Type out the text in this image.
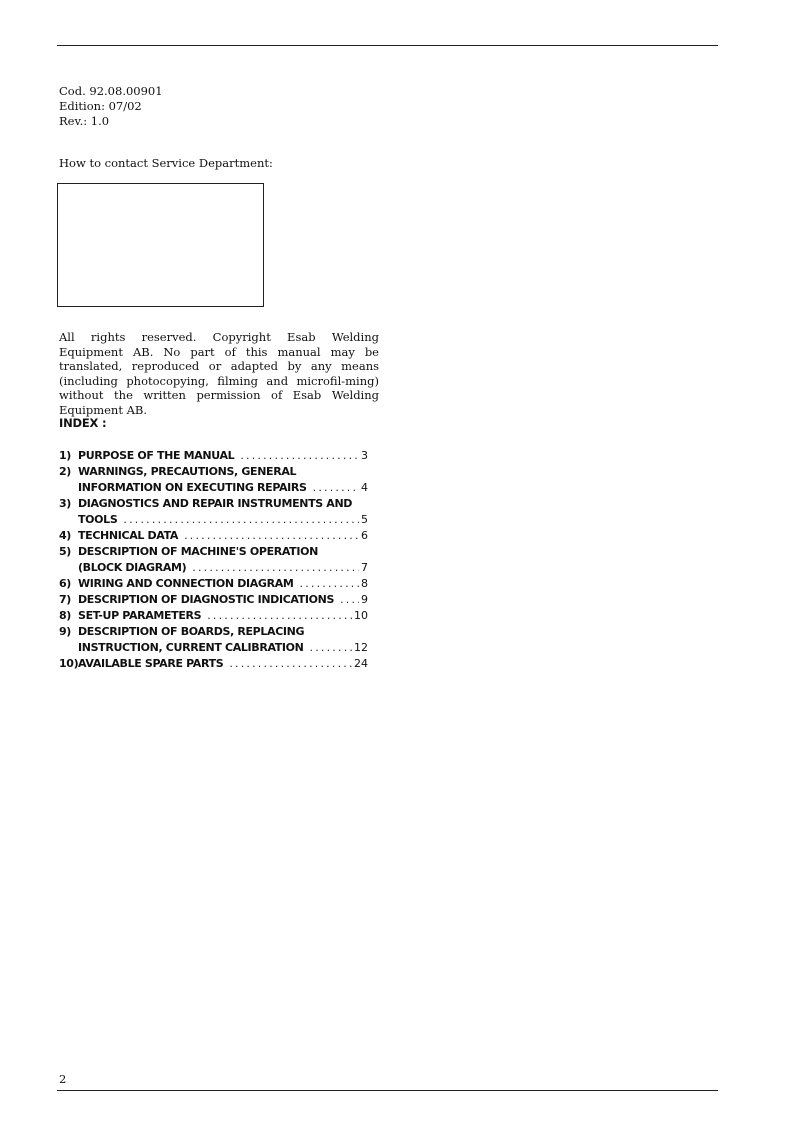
Cod. 92.08.00901
Edition: 07/02
Rev.: 1.0
How to contact Service Department:
All rights reserved. Copyright Esab Welding Equipment AB. No part of this manual may be translated, reproduced or adapted by any means (including photocopying, filming and microfil-ming) without the written permission of Esab Welding Equipment AB.
INDEX :
1) PURPOSE OF THE MANUAL .....	3
2) WARNINGS, PRECAUTIONS, GENERAL
INFORMATION ON EXECUTING REPAIRS .....	4
3) DIAGNOSTICS AND REPAIR INSTRUMENTS AND
TOOLS .....	5
4) TECHNICAL DATA .....	6
5) DESCRIPTION OF MACHINE'S OPERATION
(BLOCK DIAGRAM) .....	7
6) WIRING AND CONNECTION DIAGRAM .....	8
7) DESCRIPTION OF DIAGNOSTIC INDICATIONS ..... 9
8) SET-UP PARAMETERS .....	10
9) DESCRIPTION OF BOARDS, REPLACING
INSTRUCTION, CURRENT CALIBRATION .....	12
10) AVAILABLE SPARE PARTS .....	24
2
